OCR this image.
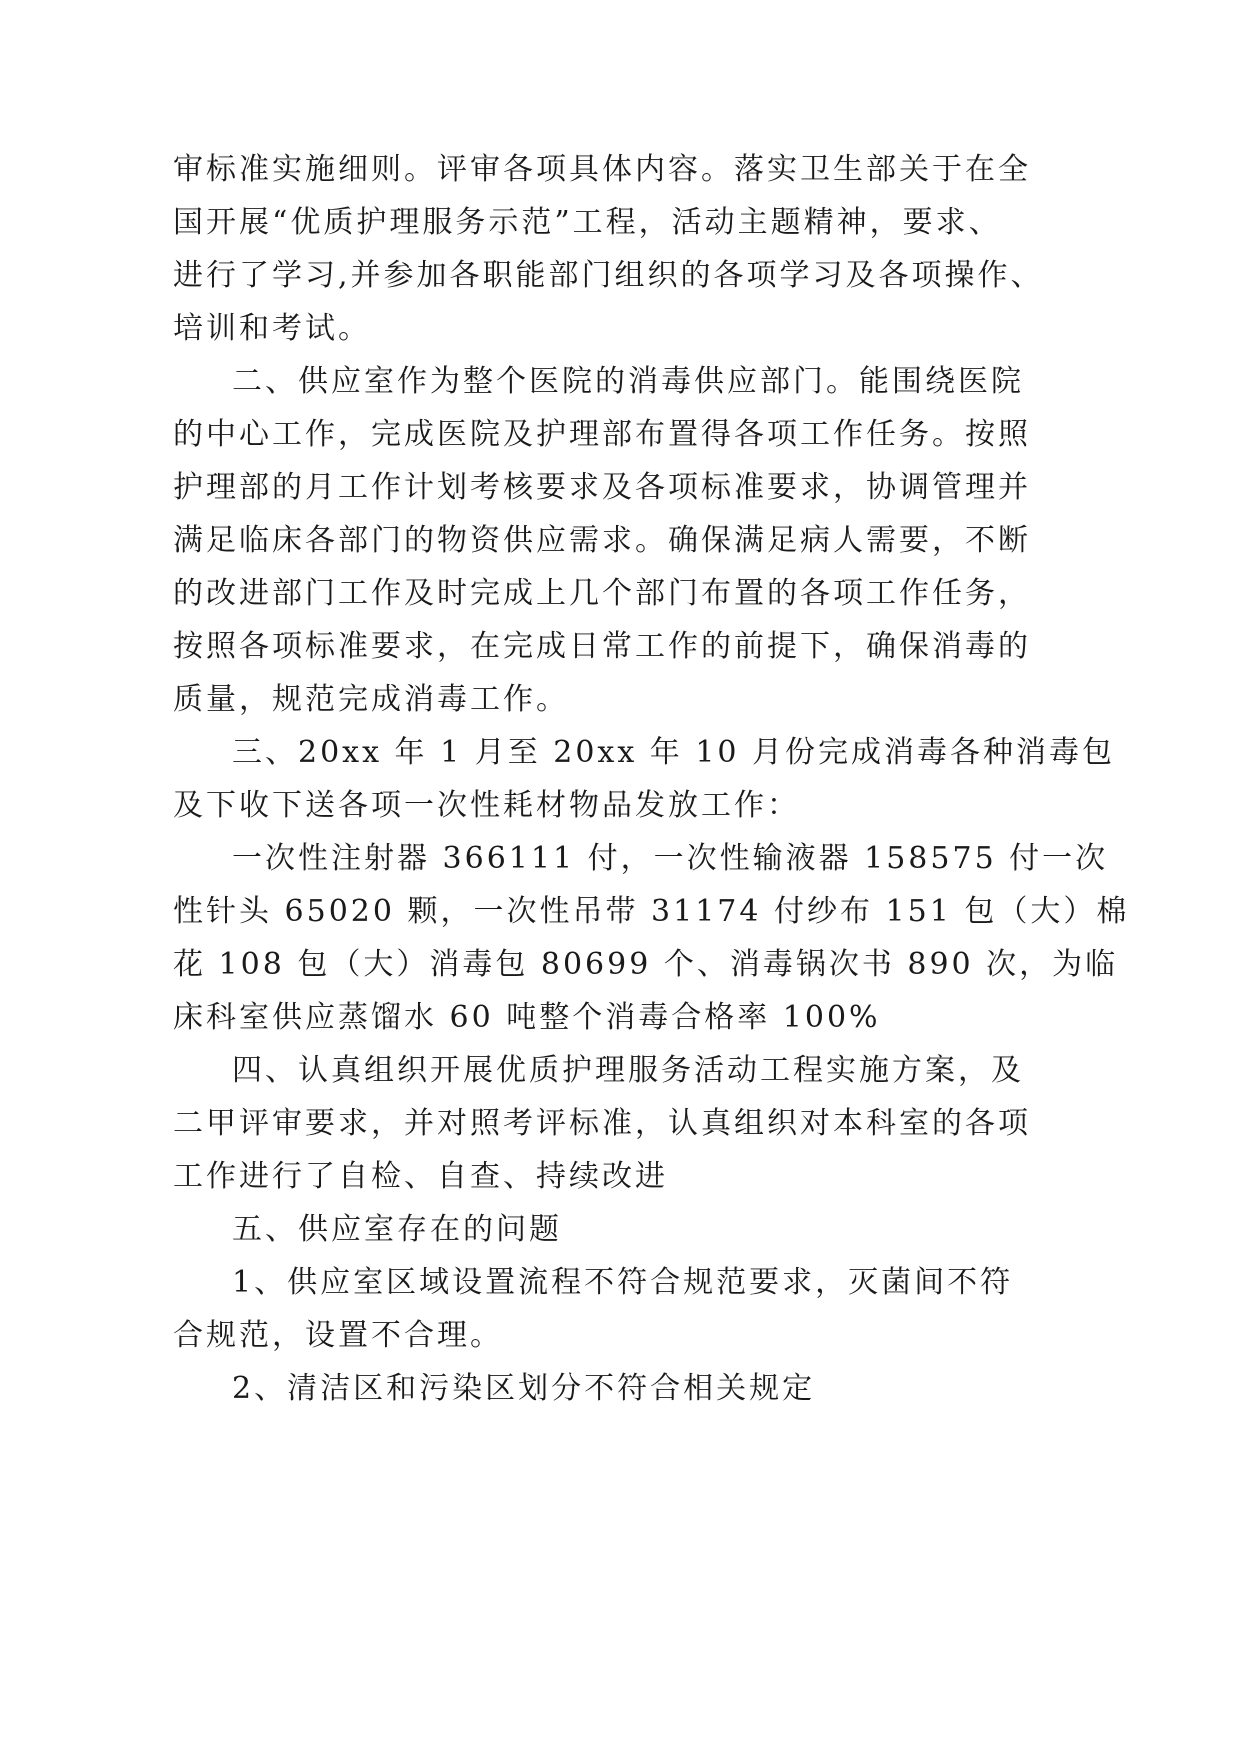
审标准实施细则。评审各项具体内容。落实卫生部关于在全
国开展“优质护理服务示范”工程，活动主题精神，要求、
进行了学习,并参加各职能部门组织的各项学习及各项操作、
培训和考试。
二、供应室作为整个医院的消毒供应部门。能围绕医院
的中心工作，完成医院及护理部布置得各项工作任务。按照
护理部的月工作计划考核要求及各项标准要求，协调管理并
满足临床各部门的物资供应需求。确保满足病人需要，不断
的改进部门工作及时完成上几个部门布置的各项工作任务，
按照各项标准要求，在完成日常工作的前提下，确保消毒的
质量，规范完成消毒工作。
三、20xx 年 1 月至 20xx 年 10 月份完成消毒各种消毒包
及下收下送各项一次性耗材物品发放工作：
一次性注射器 366111 付，一次性输液器 158575 付一次
性针头 65020 颗，一次性吊带 31174 付纱布 151 包（大）棉
花 108 包（大）消毒包 80699 个、消毒锅次书 890 次，为临
床科室供应蒸馏水 60 吨整个消毒合格率 100%
四、认真组织开展优质护理服务活动工程实施方案，及
二甲评审要求，并对照考评标准，认真组织对本科室的各项
工作进行了自检、自查、持续改进
五、供应室存在的问题
1、供应室区域设置流程不符合规范要求，灭菌间不符
合规范，设置不合理。
2、清洁区和污染区划分不符合相关规定
